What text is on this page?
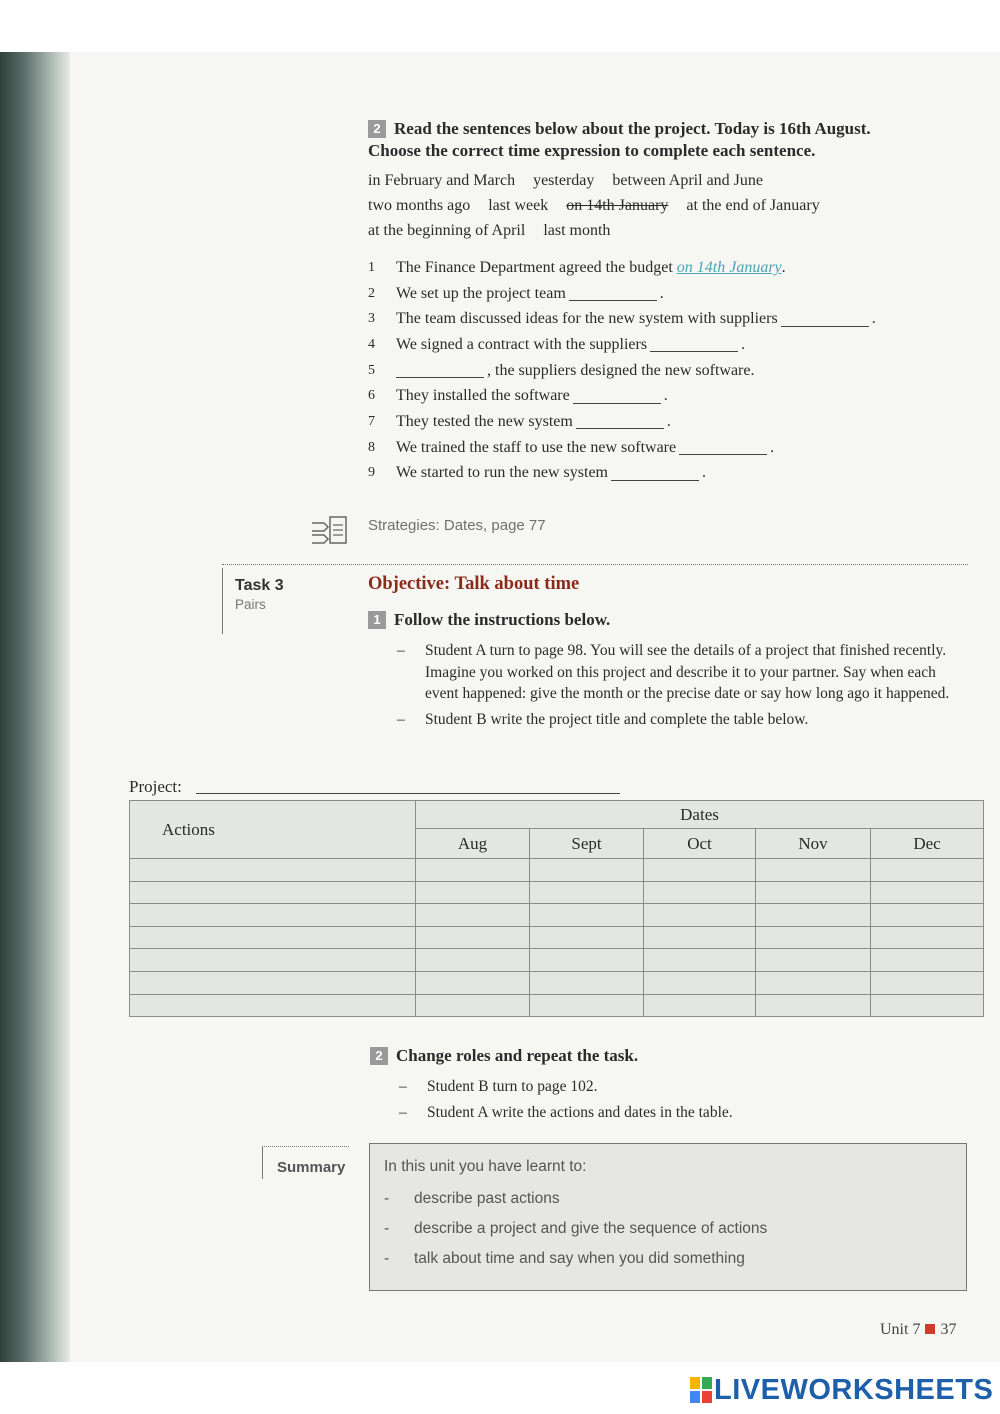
2 Read the sentences below about the project. Today is 16th August.
Choose the correct time expression to complete each sentence.
in February and March yesterday between April and June
two months ago last week on 14th January at the end of January
at the beginning of April last month
1	The Finance Department agreed the budget on 14th January .
2	We set up the project team	.
3	The team discussed ideas for the new system with suppliers	.
4	We signed a contract with the suppliers	.
5	, the suppliers designed the new software.
6	They installed the software	.
7	They tested the new system	.
8	We trained the staff to use the new software	.
9	We started to run the new system	.
Strategies: Dates, page 77
Task 3
Pairs
Objective: Talk about time
1 Follow the instructions below.
– Student A turn to page 98. You will see the details of a project that finished recently. Imagine you worked on this project and describe it to your partner. Say when each event happened: give the month or the precise date or say how long ago it happened.
– Student B write the project title and complete the table below.
Project:
Actions	Dates				
	Aug	Sept	Oct	Nov	Dec

2 Change roles and repeat the task.
– Student B turn to page 102.
– Student A write the actions and dates in the table.
Summary In this unit you have learnt to:
-	describe past actions
-	describe a project and give the sequence of actions
-	talk about time and say when you did something
Unit 7 37
LIVEWORKSHEETS
